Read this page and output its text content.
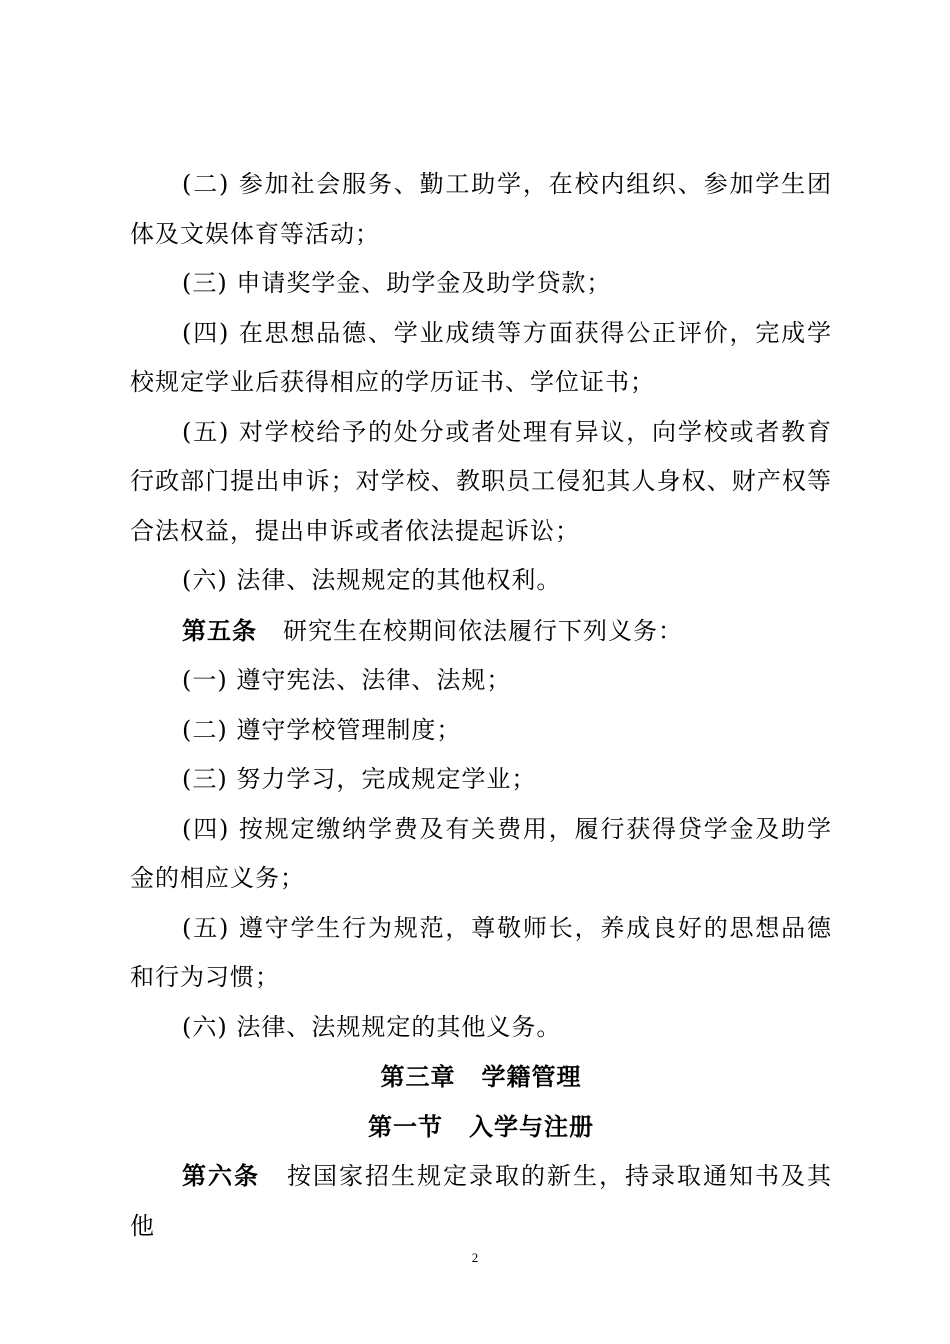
(二) 参加社会服务、勤工助学，在校内组织、参加学生团体及文娱体育等活动；

(三) 申请奖学金、助学金及助学贷款；

(四) 在思想品德、学业成绩等方面获得公正评价，完成学校规定学业后获得相应的学历证书、学位证书；

(五) 对学校给予的处分或者处理有异议，向学校或者教育行政部门提出申诉；对学校、教职员工侵犯其人身权、财产权等合法权益，提出申诉或者依法提起诉讼；

(六) 法律、法规规定的其他权利。

第五条 研究生在校期间依法履行下列义务：

(一) 遵守宪法、法律、法规；

(二) 遵守学校管理制度；

(三) 努力学习，完成规定学业；

(四) 按规定缴纳学费及有关费用，履行获得贷学金及助学金的相应义务；

(五) 遵守学生行为规范，尊敬师长，养成良好的思想品德和行为习惯；

(六) 法律、法规规定的其他义务。

第三章 学籍管理

第一节 入学与注册

第六条 按国家招生规定录取的新生，持录取通知书及其他

2
